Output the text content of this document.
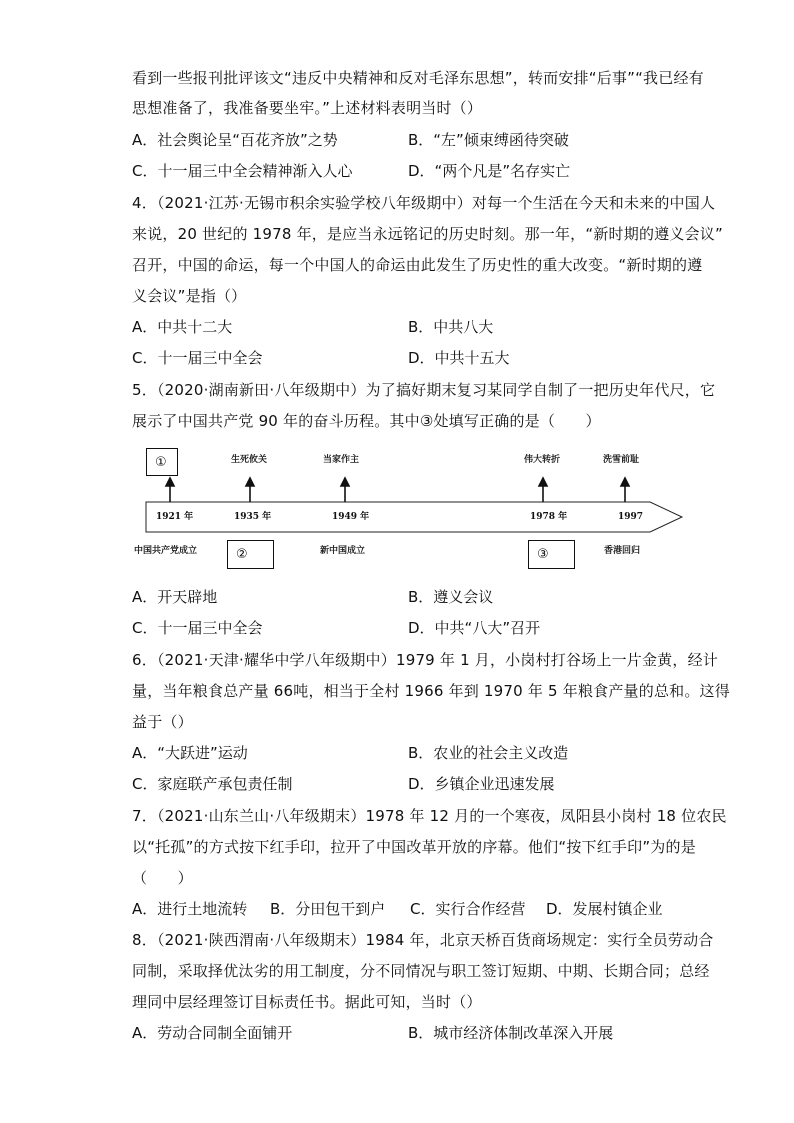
看到一些报刊批评该文“违反中央精神和反对毛泽东思想”，转而安排“后事”“我已经有
思想准备了，我准备要坐牢。”上述材料表明当时（）
A．社会舆论呈“百花齐放”之势	B．“左”倾束缚函待突破
C．十一届三中全会精神渐入人心	D．“两个凡是”名存实亡
4．（2021·江苏·无锡市积余实验学校八年级期中）对每一个生活在今天和未来的中国人
来说，20 世纪的 1978 年，是应当永远铭记的历史时刻。那一年，“新时期的遵义会议”
召开，中国的命运，每一个中国人的命运由此发生了历史性的重大改变。“新时期的遵
义会议”是指（）
A．中共十二大	B．中共八大
C．十一届三中全会	D．中共十五大
5．（2020·湖南新田·八年级期中）为了搞好期末复习某同学自制了一把历史年代尺，它
展示了中国共产党 90 年的奋斗历程。其中③处填写正确的是（　　）
①
②	③
生死攸关	当家作主	伟大转折	洗雪前耻
1921 年	1935 年	1949 年	1978 年	1997
中国共产党成立	新中国成立	香港回归
A．开天辟地	B．遵义会议
C．十一届三中全会	D．中共“八大”召开
6．（2021·天津·耀华中学八年级期中）1979 年 1 月，小岗村打谷场上一片金黄，经计
量，当年粮食总产量 66吨，相当于全村 1966 年到 1970 年 5 年粮食产量的总和。这得
益于（）
A．“大跃进”运动	B．农业的社会主义改造
C．家庭联产承包责任制	D．乡镇企业迅速发展
7．（2021·山东兰山·八年级期末）1978 年 12 月的一个寒夜，凤阳县小岗村 18 位农民
以“托孤”的方式按下红手印，拉开了中国改革开放的序幕。他们“按下红手印”为的是
（　　）
A．进行土地流转 B．分田包干到户 C．实行合作经营 D．发展村镇企业
8．（2021·陕西渭南·八年级期末）1984 年，北京天桥百货商场规定：实行全员劳动合
同制，采取择优汰劣的用工制度，分不同情况与职工签订短期、中期、长期合同；总经
理同中层经理签订目标责任书。据此可知，当时（）
A．劳动合同制全面铺开	B．城市经济体制改革深入开展
